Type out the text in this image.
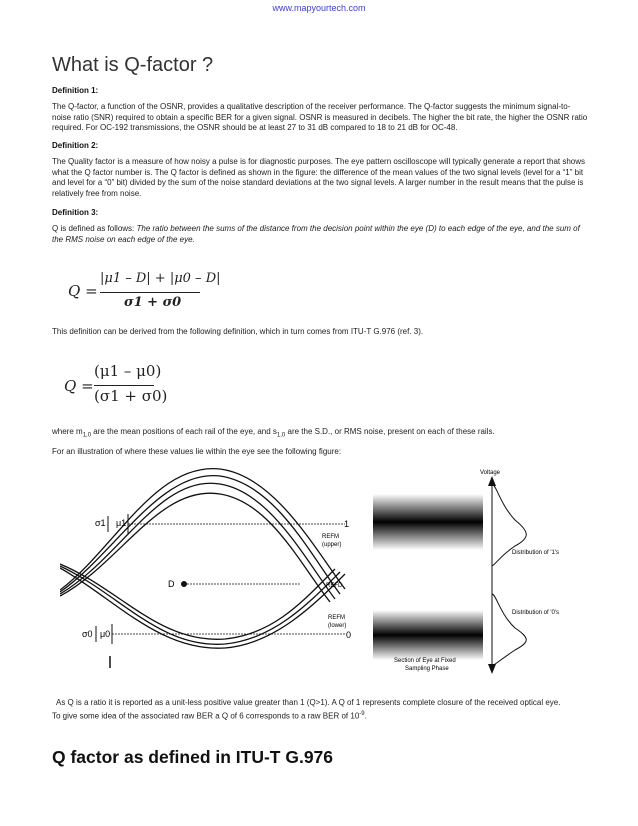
www.mapyourtech.com
What is Q-factor ?
Definition 1:
The Q-factor, a function of the OSNR, provides a qualitative description of the receiver performance. The Q-factor suggests the minimum signal-to-noise ratio (SNR) required to obtain a specific BER for a given signal. OSNR is measured in decibels. The higher the bit rate, the higher the OSNR ratio required. For OC-192 transmissions, the OSNR should be at least 27 to 31 dB compared to 18 to 21 dB for OC-48.
Definition 2:
The Quality factor is a measure of how noisy a pulse is for diagnostic purposes. The eye pattern oscilloscope will typically generate a report that shows what the Q factor number is. The Q factor is defined as shown in the figure: the difference of the mean values of the two signal levels (level for a “1” bit and level for a “0” bit) divided by the sum of the noise standard deviations at the two signal levels. A larger number in the result means that the pulse is relatively free from noise.
Definition 3:
Q is defined as follows: The ratio between the sums of the distance from the decision point within the eye (D) to each edge of the eye, and the sum of the RMS noise on each edge of the eye.
Q =
|μ1 – D| + |μ0 – D|
σ1 + σ0
This definition can be derived from the following definition, which in turn comes from ITU-T G.976 (ref. 3).
Q =
(μ1 – μ0)
(σ1 + σ0)
where $m_{1,0}$ are the mean positions of each rail of the eye, and $s_{1,0}$ are the S.D., or RMS noise, present on each of these rails.
For an illustration of where these values lie within the eye see the following figure:
σ1 μ1	1
D
σ0 μ0	0
REFM
(upper)
REFD
REFM
(lower)
Section of Eye at Fixed
Sampling Phase
Voltage
Distribution of '1's
Distribution of '0's
As Q is a ratio it is reported as a unit-less positive value greater than 1 (Q>1). A Q of 1 represents complete closure of the received optical eye.
To give some idea of the associated raw BER a Q of 6 corresponds to a raw BER of $10^{-9}$.
Q factor as defined in ITU-T G.976
